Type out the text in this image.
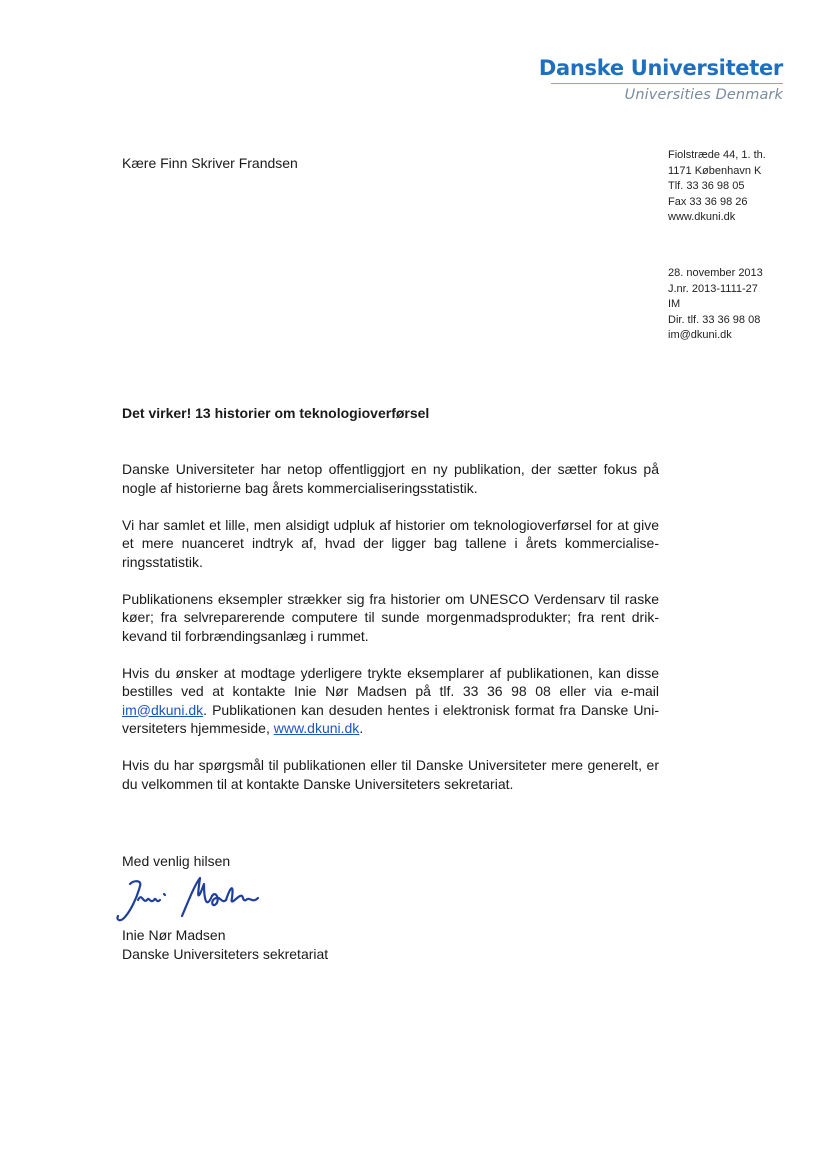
Danske Universiteter
Universities Denmark
Kære Finn Skriver Frandsen	Fiolstræde 44, 1. th.
1171 København K
Tlf. 33 36 98 05
Fax 33 36 98 26
www.dkuni.dk
28. november 2013
J.nr. 2013-1111-27
IM
Dir. tlf. 33 36 98 08
im@dkuni.dk
Det virker! 13 historier om teknologioverførsel

Danske Universiteter har netop offentliggjort en ny publikation, der sætter fokus på nogle af historierne bag årets kommercialiseringsstatistik.

Vi har samlet et lille, men alsidigt udpluk af historier om teknologioverførsel for at give et mere nuanceret indtryk af, hvad der ligger bag tallene i årets kommercialise-ringsstatistik.

Publikationens eksempler strækker sig fra historier om UNESCO Verdensarv til raske køer; fra selvreparerende computere til sunde morgenmadsprodukter; fra rent drik-kevand til forbrændingsanlæg i rummet.

Hvis du ønsker at modtage yderligere trykte eksemplarer af publikationen, kan disse bestilles ved at kontakte Inie Nør Madsen på tlf. 33 36 98 08 eller via e-mail im@dkuni.dk. Publikationen kan desuden hentes i elektronisk format fra Danske Uni-versiteters hjemmeside, www.dkuni.dk.

Hvis du har spørgsmål til publikationen eller til Danske Universiteter mere generelt, er du velkommen til at kontakte Danske Universiteters sekretariat.

Med venlig hilsen
Inie Nør Madsen
Danske Universiteters sekretariat
